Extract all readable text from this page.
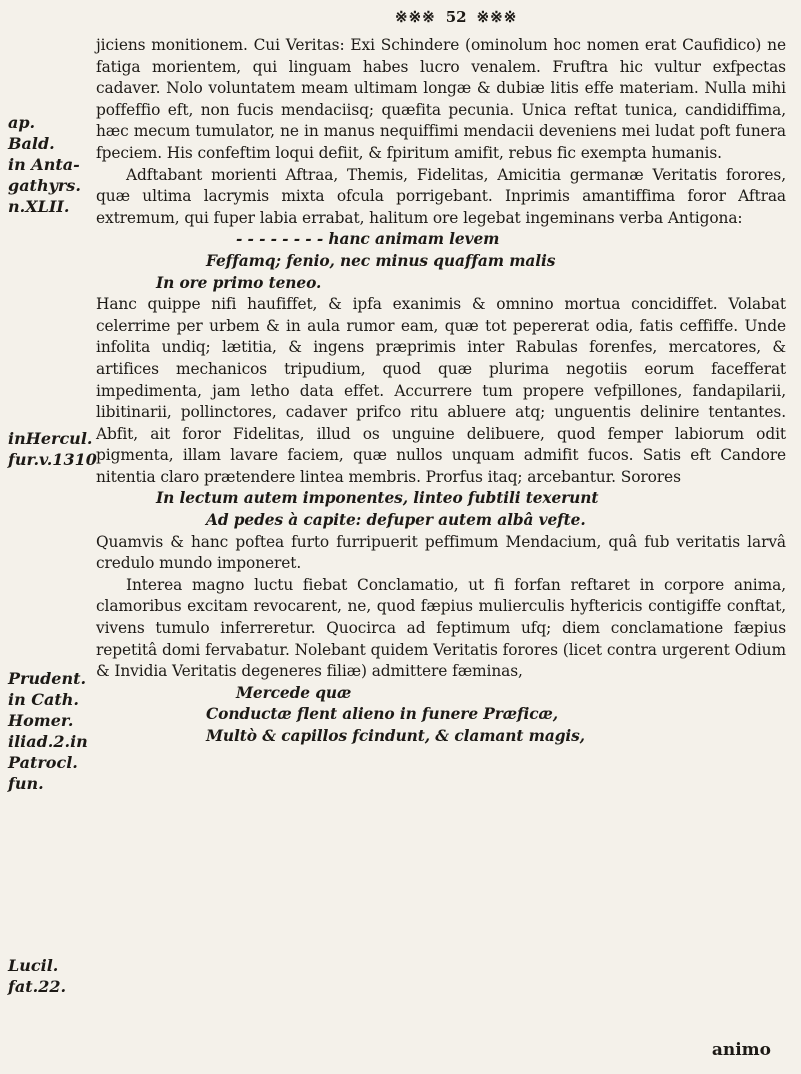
※※※ 52 ※※※
ap. Bald.
in Anta-
gathyrs.
n.XLII.
inHercul.
fur.v.1310
Prudent.
in Cath.
Homer.
iliad.2.in
Patrocl.
fun.
Lucil.
fat.22.

jiciens monitionem. Cui Veritas: Exi Schindere (ominolum hoc nomen erat Caufidico) ne fatiga morientem, qui linguam habes lucro venalem. Fruftra hic vultur exfpectas cadaver. Nolo voluntatem meam ultimam longæ & dubiæ litis effe materiam. Nulla mihi poffeffio eft, non fucis mendaciisq; quæfita pecunia. Unica reftat tunica, candidiffima, hæc mecum tumulator, ne in manus nequiffimi mendacii deveniens mei ludat poft funera fpeciem. His confeftim loqui defiit, & fpiritum amifit, rebus fic exempta humanis.

Adftabant morienti Aftraa, Themis, Fidelitas, Amicitia germanæ Veritatis forores, quæ ultima lacrymis mixta ofcula porrigebant. Inprimis amantiffima foror Aftraa extremum, qui fuper labia errabat, halitum ore legebat ingeminans verba Antigona:

- - - - - - - - hanc animam levem

Feffamq; fenio, nec minus quaffam malis

In ore primo teneo.

Hanc quippe nifi haufiffet, & ipfa exanimis & omnino mortua concidiffet. Volabat celerrime per urbem & in aula rumor eam, quæ tot pepererat odia, fatis ceffiffe. Unde infolita undiq; lætitia, & ingens præprimis inter Rabulas forenfes, mercatores, & artifices mechanicos tripudium, quod quæ plurima negotiis eorum facefferat impedimenta, jam letho data effet. Accurrere tum propere vefpillones, fandapilarii, libitinarii, pollinctores, cadaver prifco ritu abluere atq; unguentis delinire tentantes. Abfit, ait foror Fidelitas, illud os unguine delibuere, quod femper labiorum odit pigmenta, illam lavare faciem, quæ nullos unquam admifit fucos. Satis eft Candore nitentia claro prætendere lintea membris. Prorfus itaq; arcebantur. Sorores

In lectum autem imponentes, linteo fubtili texerunt

Ad pedes à capite: defuper autem albâ vefte.

Quamvis & hanc poftea furto furripuerit peffimum Mendacium, quâ fub veritatis larvâ credulo mundo imponeret.

Interea magno luctu fiebat Conclamatio, ut fi forfan reftaret in corpore anima, clamoribus excitam revocarent, ne, quod fæpius mulierculis hyftericis contigiffe conftat, vivens tumulo inferreretur. Quocirca ad feptimum ufq; diem conclamatione fæpius repetitâ domi fervabatur. Nolebant quidem Veritatis forores (licet contra urgerent Odium & Invidia Veritatis degeneres filiæ) admittere fæminas,

Mercede quæ

Conductæ flent alieno in funere Præficæ,

Multò & capillos fcindunt, & clamant magis,

animo
